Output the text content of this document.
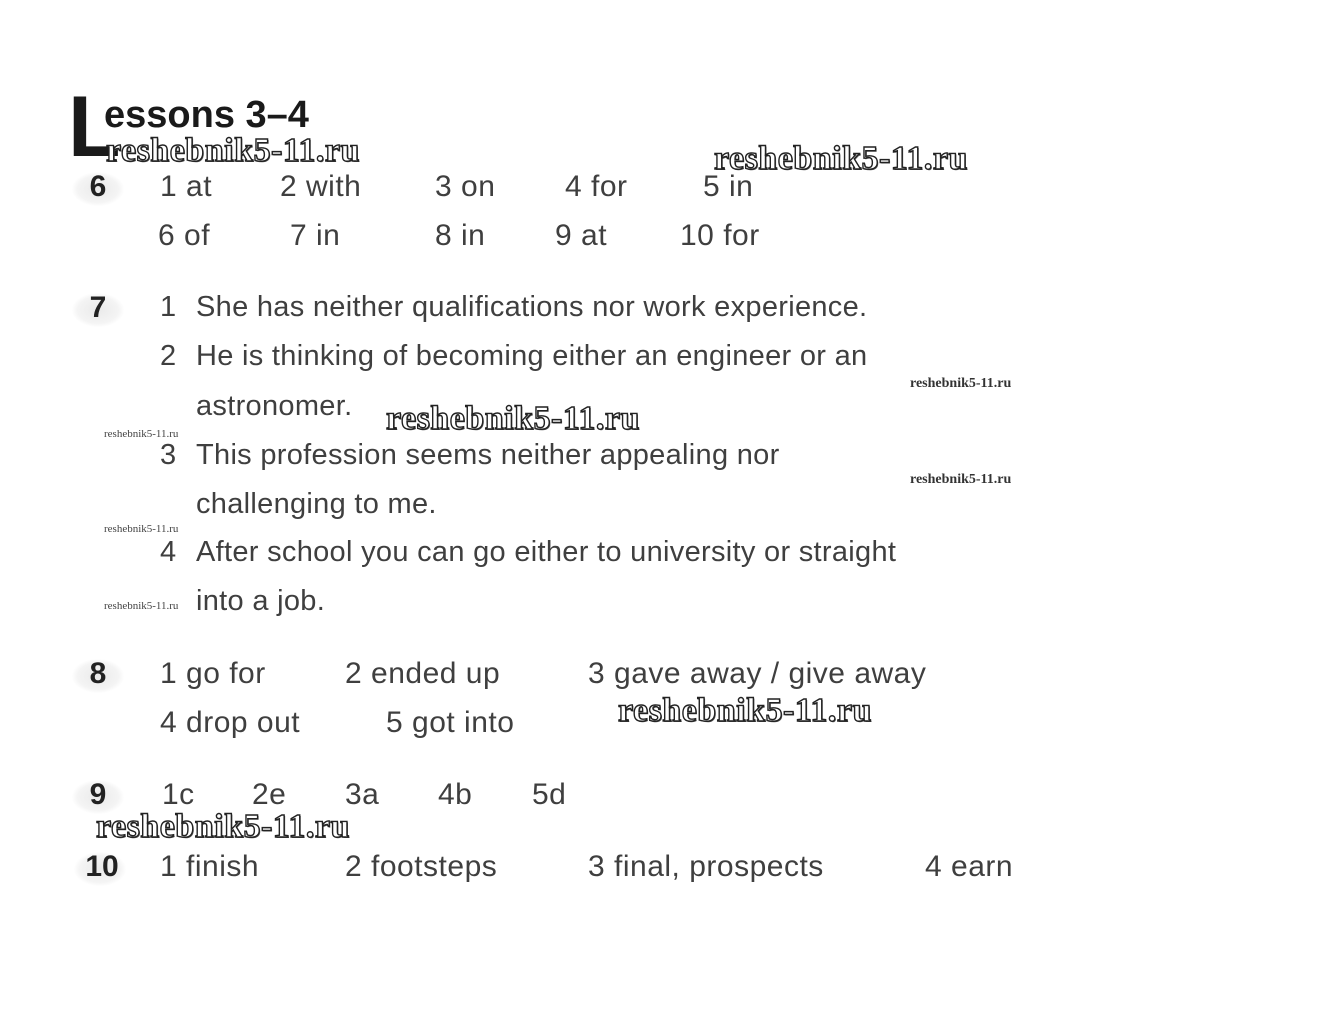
L
essons 3–4
6	1 at 2 with 3 on 4 for	5 in
6 of	7 in	8 in 9 at 10 for
7	1 She has neither qualifications nor work experience.
2 He is thinking of becoming either an engineer or an
astronomer.
3 This profession seems neither appealing nor
challenging to me.
4 After school you can go either to university or straight
into a job.
8	1 go for	2 ended up	3 gave away / give away
4 drop out	5 got into
9	1c 2e 3a 4b 5d
10 1 finish	2 footsteps	3 final, prospects	4 earn
reshebnik5-11.ru	reshebnik5-11.ru
reshebnik5-11.ru
reshebnik5-11.ru
reshebnik5-11.ru
reshebnik5-11.ru
reshebnik5-11.ru
reshebnik5-11.ru
reshebnik5-11.ru
reshebnik5-11.ru
